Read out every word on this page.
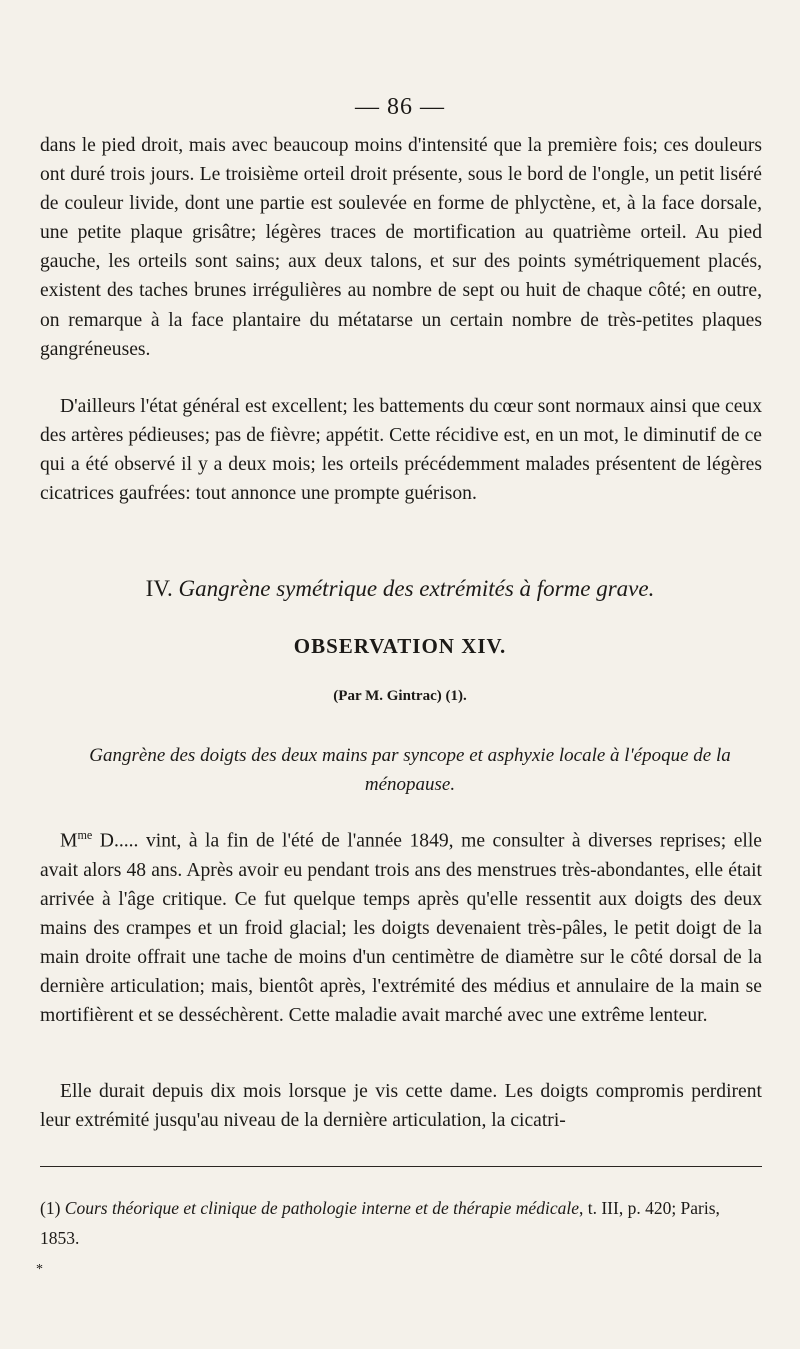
— 86 —
dans le pied droit, mais avec beaucoup moins d'intensité que la première fois; ces douleurs ont duré trois jours. Le troisième orteil droit présente, sous le bord de l'ongle, un petit liséré de couleur livide, dont une partie est soulevée en forme de phlyctène, et, à la face dorsale, une petite plaque grisâtre; légères traces de mortification au quatrième orteil. Au pied gauche, les orteils sont sains; aux deux talons, et sur des points symétriquement placés, existent des taches brunes irrégulières au nombre de sept ou huit de chaque côté; en outre, on remarque à la face plantaire du métatarse un certain nombre de très-petites plaques gangréneuses.
D'ailleurs l'état général est excellent; les battements du cœur sont normaux ainsi que ceux des artères pédieuses; pas de fièvre; appétit. Cette récidive est, en un mot, le diminutif de ce qui a été observé il y a deux mois; les orteils précédemment malades présentent de légères cicatrices gaufrées: tout annonce une prompte guérison.
IV. Gangrène symétrique des extrémités à forme grave.
OBSERVATION XIV.
(Par M. Gintrac) (1).
Gangrène des doigts des deux mains par syncope et asphyxie locale à l'époque de la ménopause.
$M^{me}$ D..... vint, à la fin de l'été de l'année 1849, me consulter à diverses reprises; elle avait alors 48 ans. Après avoir eu pendant trois ans des menstrues très-abondantes, elle était arrivée à l'âge critique. Ce fut quelque temps après qu'elle ressentit aux doigts des deux mains des crampes et un froid glacial; les doigts devenaient très-pâles, le petit doigt de la main droite offrait une tache de moins d'un centimètre de diamètre sur le côté dorsal de la dernière articulation; mais, bientôt après, l'extrémité des médius et annulaire de la main se mortifièrent et se desséchèrent. Cette maladie avait marché avec une extrême lenteur.
Elle durait depuis dix mois lorsque je vis cette dame. Les doigts compromis perdirent leur extrémité jusqu'au niveau de la dernière articulation, la cicatri-
(1) Cours théorique et clinique de pathologie interne et de thérapie médicale, t. III, p. 420; Paris, 1853.
*
